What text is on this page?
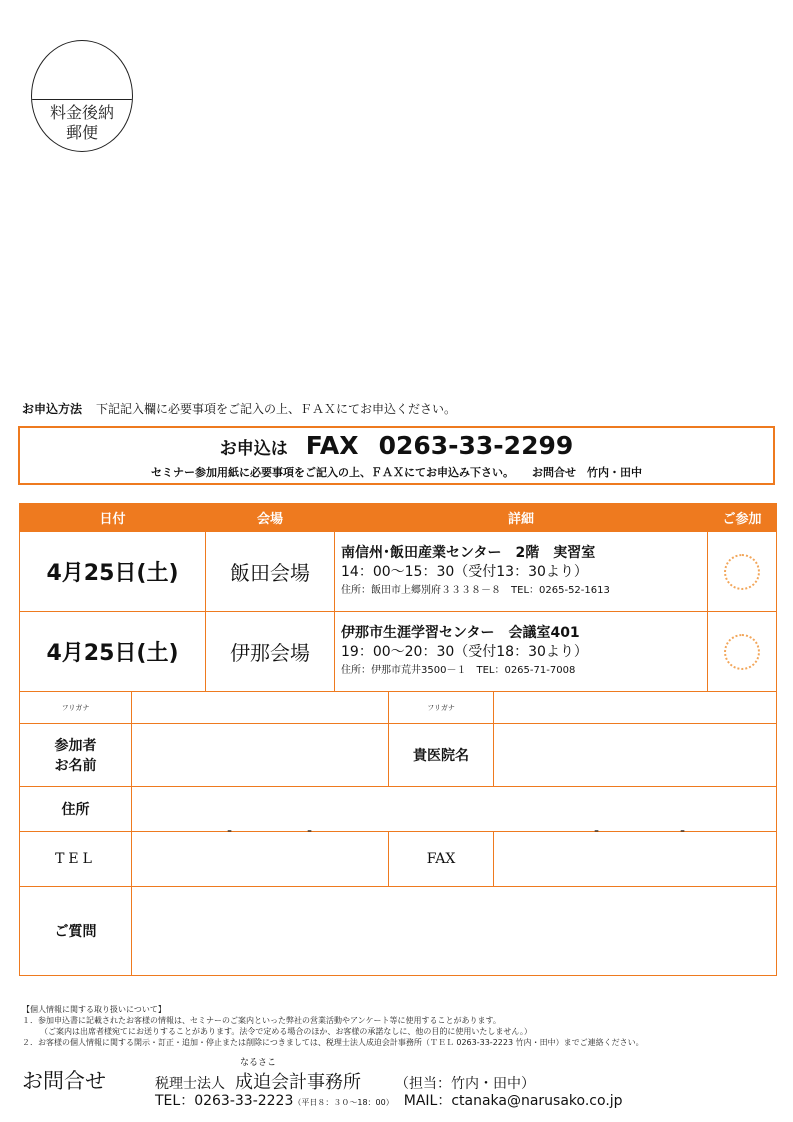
料金後納
郵便
お申込方法 下記記入欄に必要事項をご記入の上、ＦＡＸにてお申込ください。
お申込は FAX 0263-33-2299
セミナー参加用紙に必要事項をご記入の上、ＦＡＸにてお申込み下さい。 お問合せ　竹内・田中
日付		会場	詳細			ご参加
4月25日(土)		飯田会場	南信州･飯田産業センター　2階　実習室
14：00～15：30（受付13：30より）
住所：飯田市上郷別府３３３８－８　TEL：0265-52-1613			

4月25日(土)		伊那会場	伊那市生涯学習センター　会議室401
19：00～20：30（受付18：30より）
住所：伊那市荒井3500－１　TEL：0265-71-7008			

フリガナ				フリガナ		

参加者
お名前				貴医院名		
住所						
TEL	- -			FAX	- -	

ご質問						
【個人情報に関する取り扱いについて】
１．参加申込書に記載されたお客様の情報は、セミナーのご案内といった弊社の営業活動やアンケート等に使用することがあります。
（ご案内は出席者様宛てにお送りすることがあります。法令で定める場合のほか、お客様の承諾なしに、他の目的に使用いたしません。）
２．お客様の個人情報に関する開示・訂正・追加・停止または削除につきましては、税理士法人成迫会計事務所（ＴＥＬ 0263-33-2223 竹内・田中）までご連絡ください。
お問合せ
なるさこ
税理士法人 成迫会計事務所 （担当：竹内・田中）
TEL：0263-33-2223（平日８：３０～18：00） MAIL：ctanaka@narusako.co.jp
